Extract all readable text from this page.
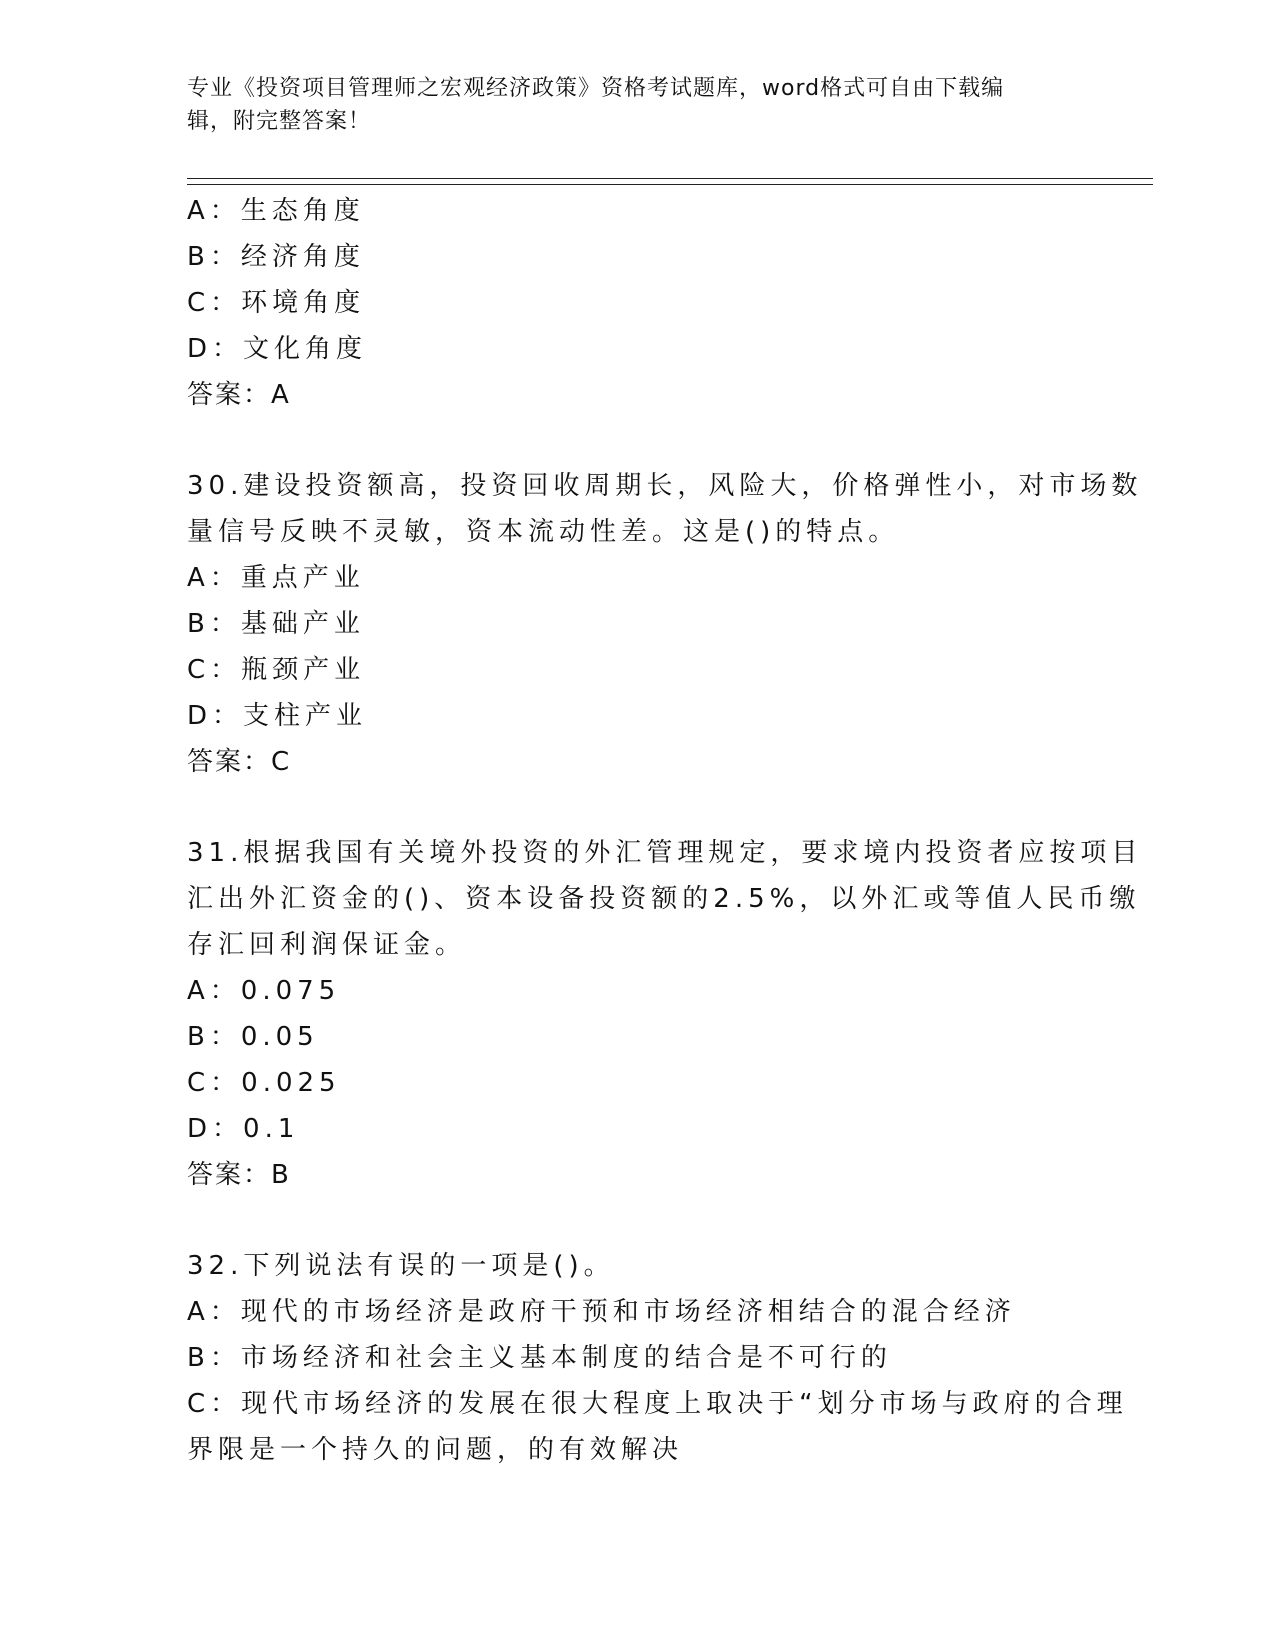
专业《投资项目管理师之宏观经济政策》资格考试题库，word格式可自由下载编
辑，附完整答案！
A：生态角度
B：经济角度
C：环境角度
D：文化角度
答案：A
30.建设投资额高，投资回收周期长，风险大，价格弹性小，对市场数
量信号反映不灵敏，资本流动性差。这是()的特点。
A：重点产业
B：基础产业
C：瓶颈产业
D：支柱产业
答案：C
31.根据我国有关境外投资的外汇管理规定，要求境内投资者应按项目
汇出外汇资金的()、资本设备投资额的2.5%，以外汇或等值人民币缴
存汇回利润保证金。
A：0.075
B：0.05
C：0.025
D：0.1
答案：B
32.下列说法有误的一项是()。
A：现代的市场经济是政府干预和市场经济相结合的混合经济
B：市场经济和社会主义基本制度的结合是不可行的
C：现代市场经济的发展在很大程度上取决于“划分市场与政府的合理
界限是一个持久的问题，的有效解决
